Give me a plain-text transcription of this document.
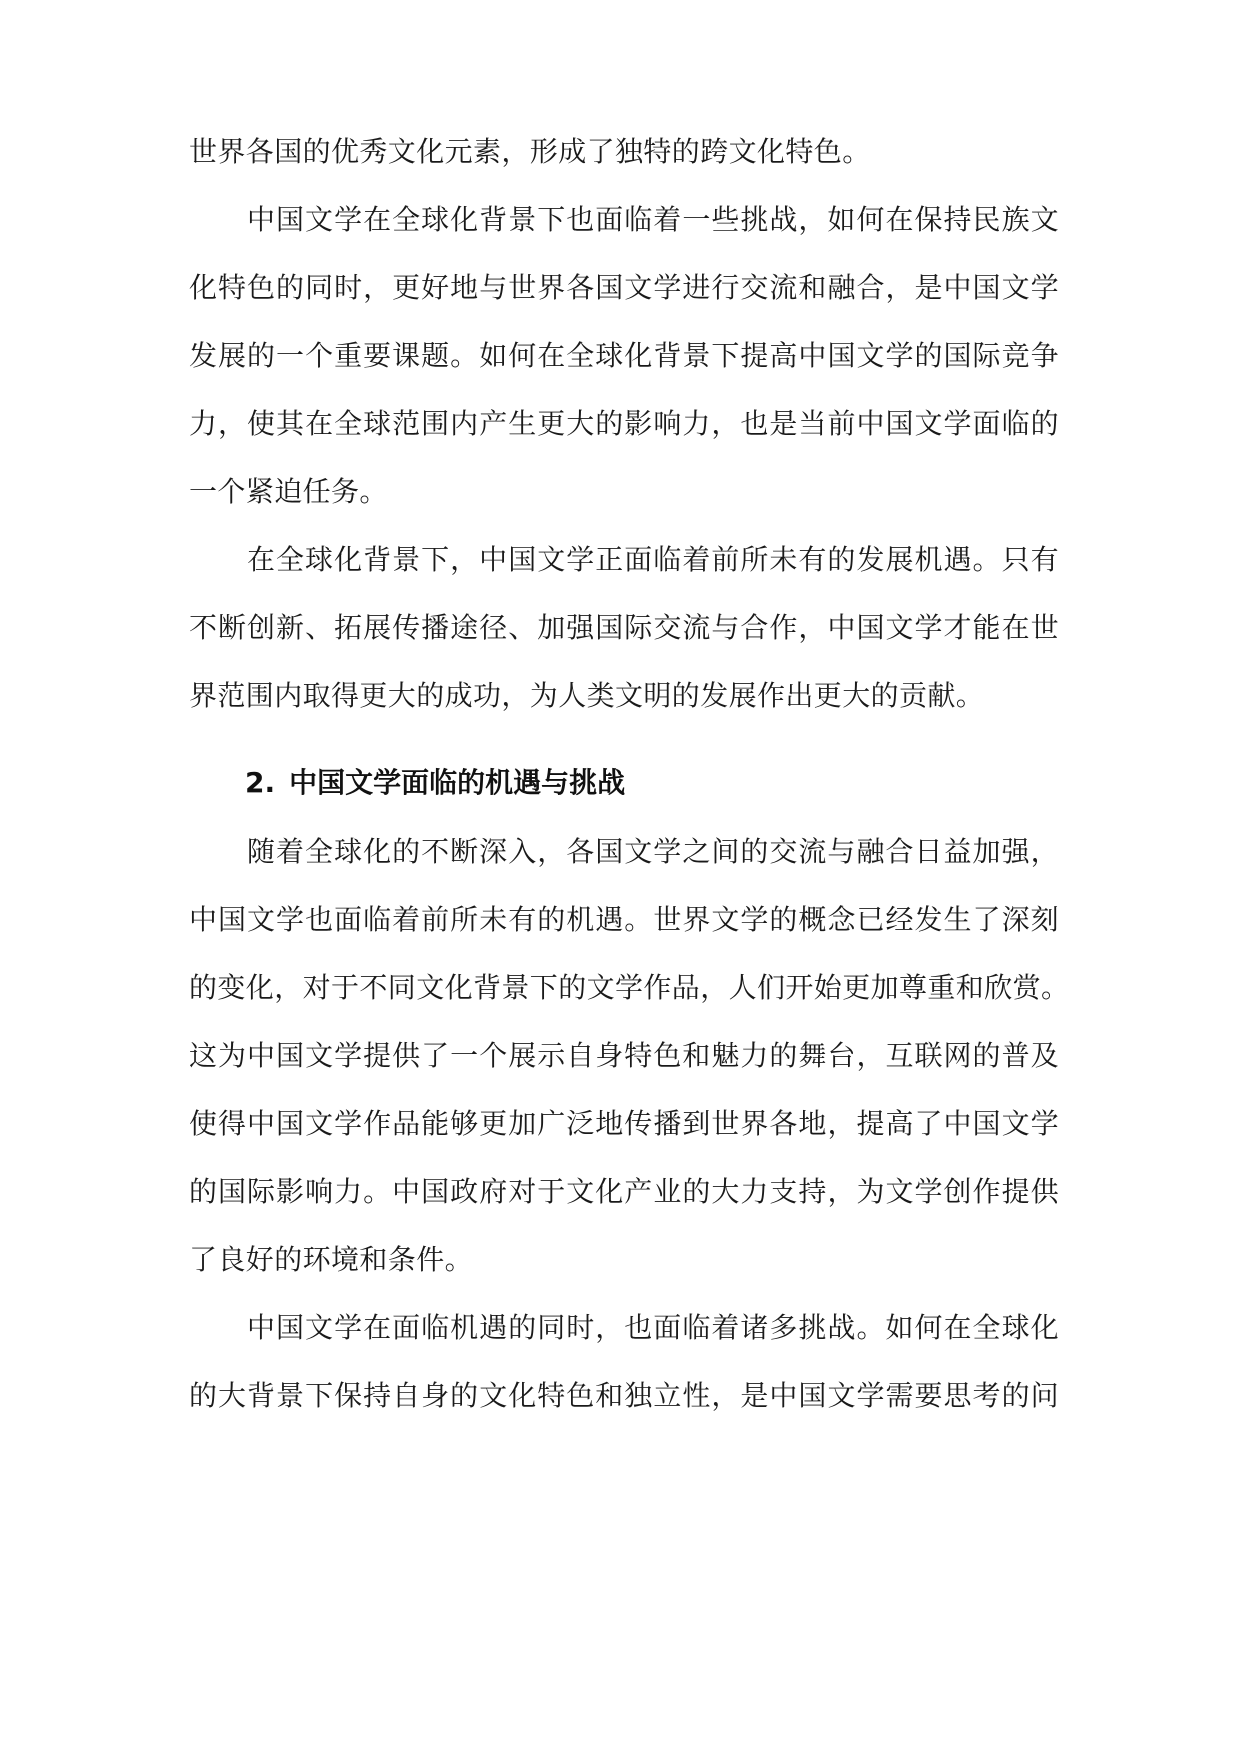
世界各国的优秀文化元素，形成了独特的跨文化特色。
中国文学在全球化背景下也面临着一些挑战，如何在保持民族文
化特色的同时，更好地与世界各国文学进行交流和融合，是中国文学
发展的一个重要课题。如何在全球化背景下提高中国文学的国际竞争
力，使其在全球范围内产生更大的影响力，也是当前中国文学面临的
一个紧迫任务。
在全球化背景下，中国文学正面临着前所未有的发展机遇。只有
不断创新、拓展传播途径、加强国际交流与合作，中国文学才能在世
界范围内取得更大的成功，为人类文明的发展作出更大的贡献。
2. 中国文学面临的机遇与挑战
随着全球化的不断深入，各国文学之间的交流与融合日益加强，
中国文学也面临着前所未有的机遇。世界文学的概念已经发生了深刻
的变化，对于不同文化背景下的文学作品，人们开始更加尊重和欣赏。
这为中国文学提供了一个展示自身特色和魅力的舞台，互联网的普及
使得中国文学作品能够更加广泛地传播到世界各地，提高了中国文学
的国际影响力。中国政府对于文化产业的大力支持，为文学创作提供
了良好的环境和条件。
中国文学在面临机遇的同时，也面临着诸多挑战。如何在全球化
的大背景下保持自身的文化特色和独立性，是中国文学需要思考的问
